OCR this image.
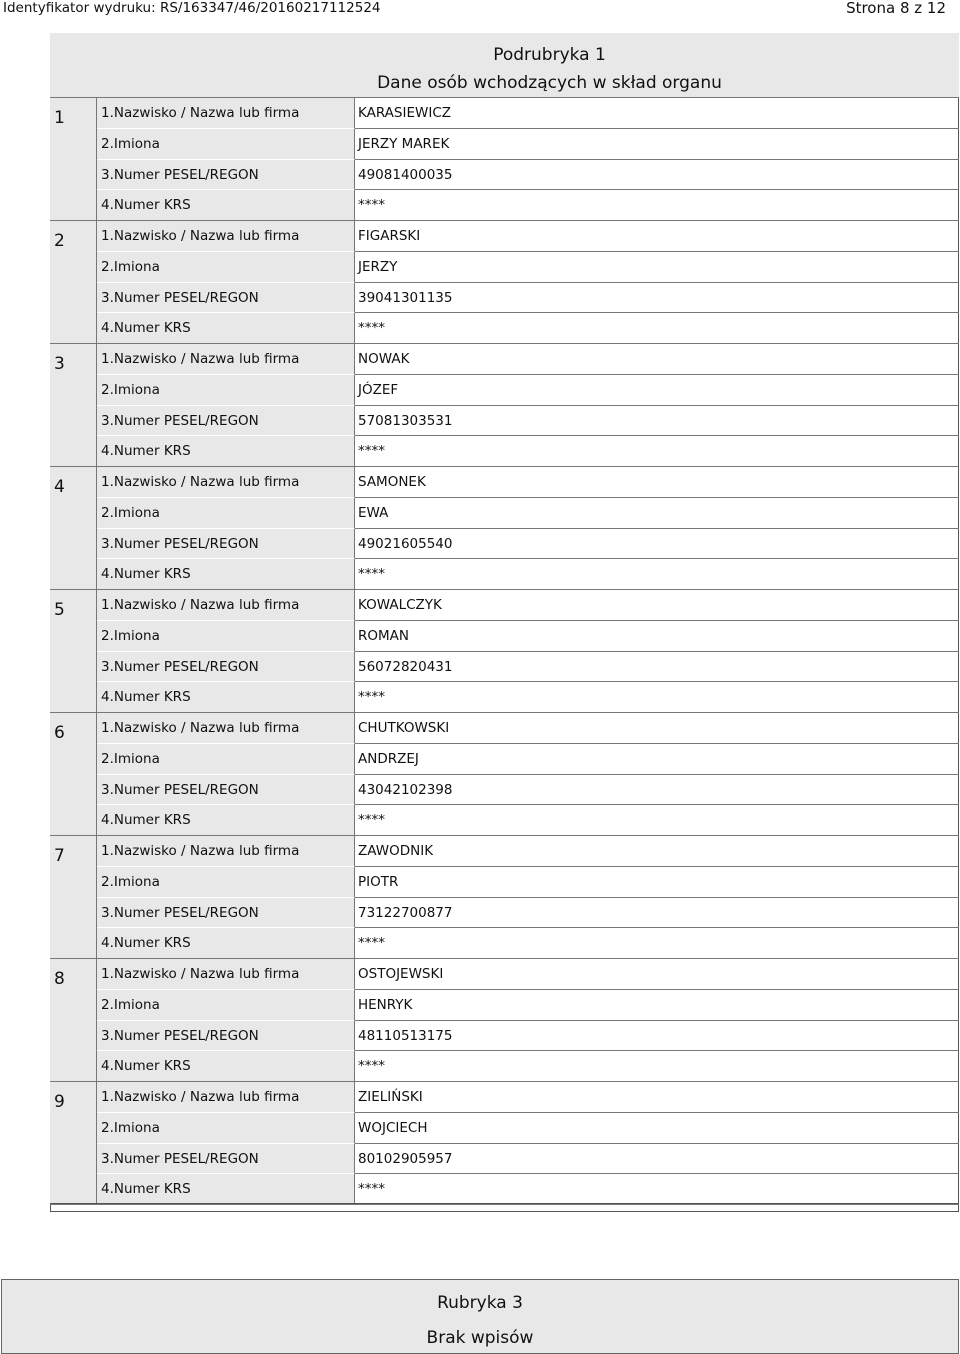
Identyfikator wydruku: RS/163347/46/20160217112524	Strona 8 z 12
Podrubryka 1
Dane osób wchodzących w skład organu
1	1.Nazwisko / Nazwa lub firma	KARASIEWICZ
2.Imiona	JERZY MAREK
3.Numer PESEL/REGON	49081400035
4.Numer KRS	****
2	1.Nazwisko / Nazwa lub firma	FIGARSKI
2.Imiona	JERZY
3.Numer PESEL/REGON	39041301135
4.Numer KRS	****
3	1.Nazwisko / Nazwa lub firma	NOWAK
2.Imiona	JÓZEF
3.Numer PESEL/REGON	57081303531
4.Numer KRS	****
4	1.Nazwisko / Nazwa lub firma	SAMONEK
2.Imiona	EWA
3.Numer PESEL/REGON	49021605540
4.Numer KRS	****
5	1.Nazwisko / Nazwa lub firma	KOWALCZYK
2.Imiona	ROMAN
3.Numer PESEL/REGON	56072820431
4.Numer KRS	****
6	1.Nazwisko / Nazwa lub firma	CHUTKOWSKI
2.Imiona	ANDRZEJ
3.Numer PESEL/REGON	43042102398
4.Numer KRS	****
7	1.Nazwisko / Nazwa lub firma	ZAWODNIK
2.Imiona	PIOTR
3.Numer PESEL/REGON	73122700877
4.Numer KRS	****
8	1.Nazwisko / Nazwa lub firma	OSTOJEWSKI
2.Imiona	HENRYK
3.Numer PESEL/REGON	48110513175
4.Numer KRS	****
9	1.Nazwisko / Nazwa lub firma	ZIELIŃSKI
2.Imiona	WOJCIECH
3.Numer PESEL/REGON	80102905957
4.Numer KRS	****
Rubryka 3
Brak wpisów
